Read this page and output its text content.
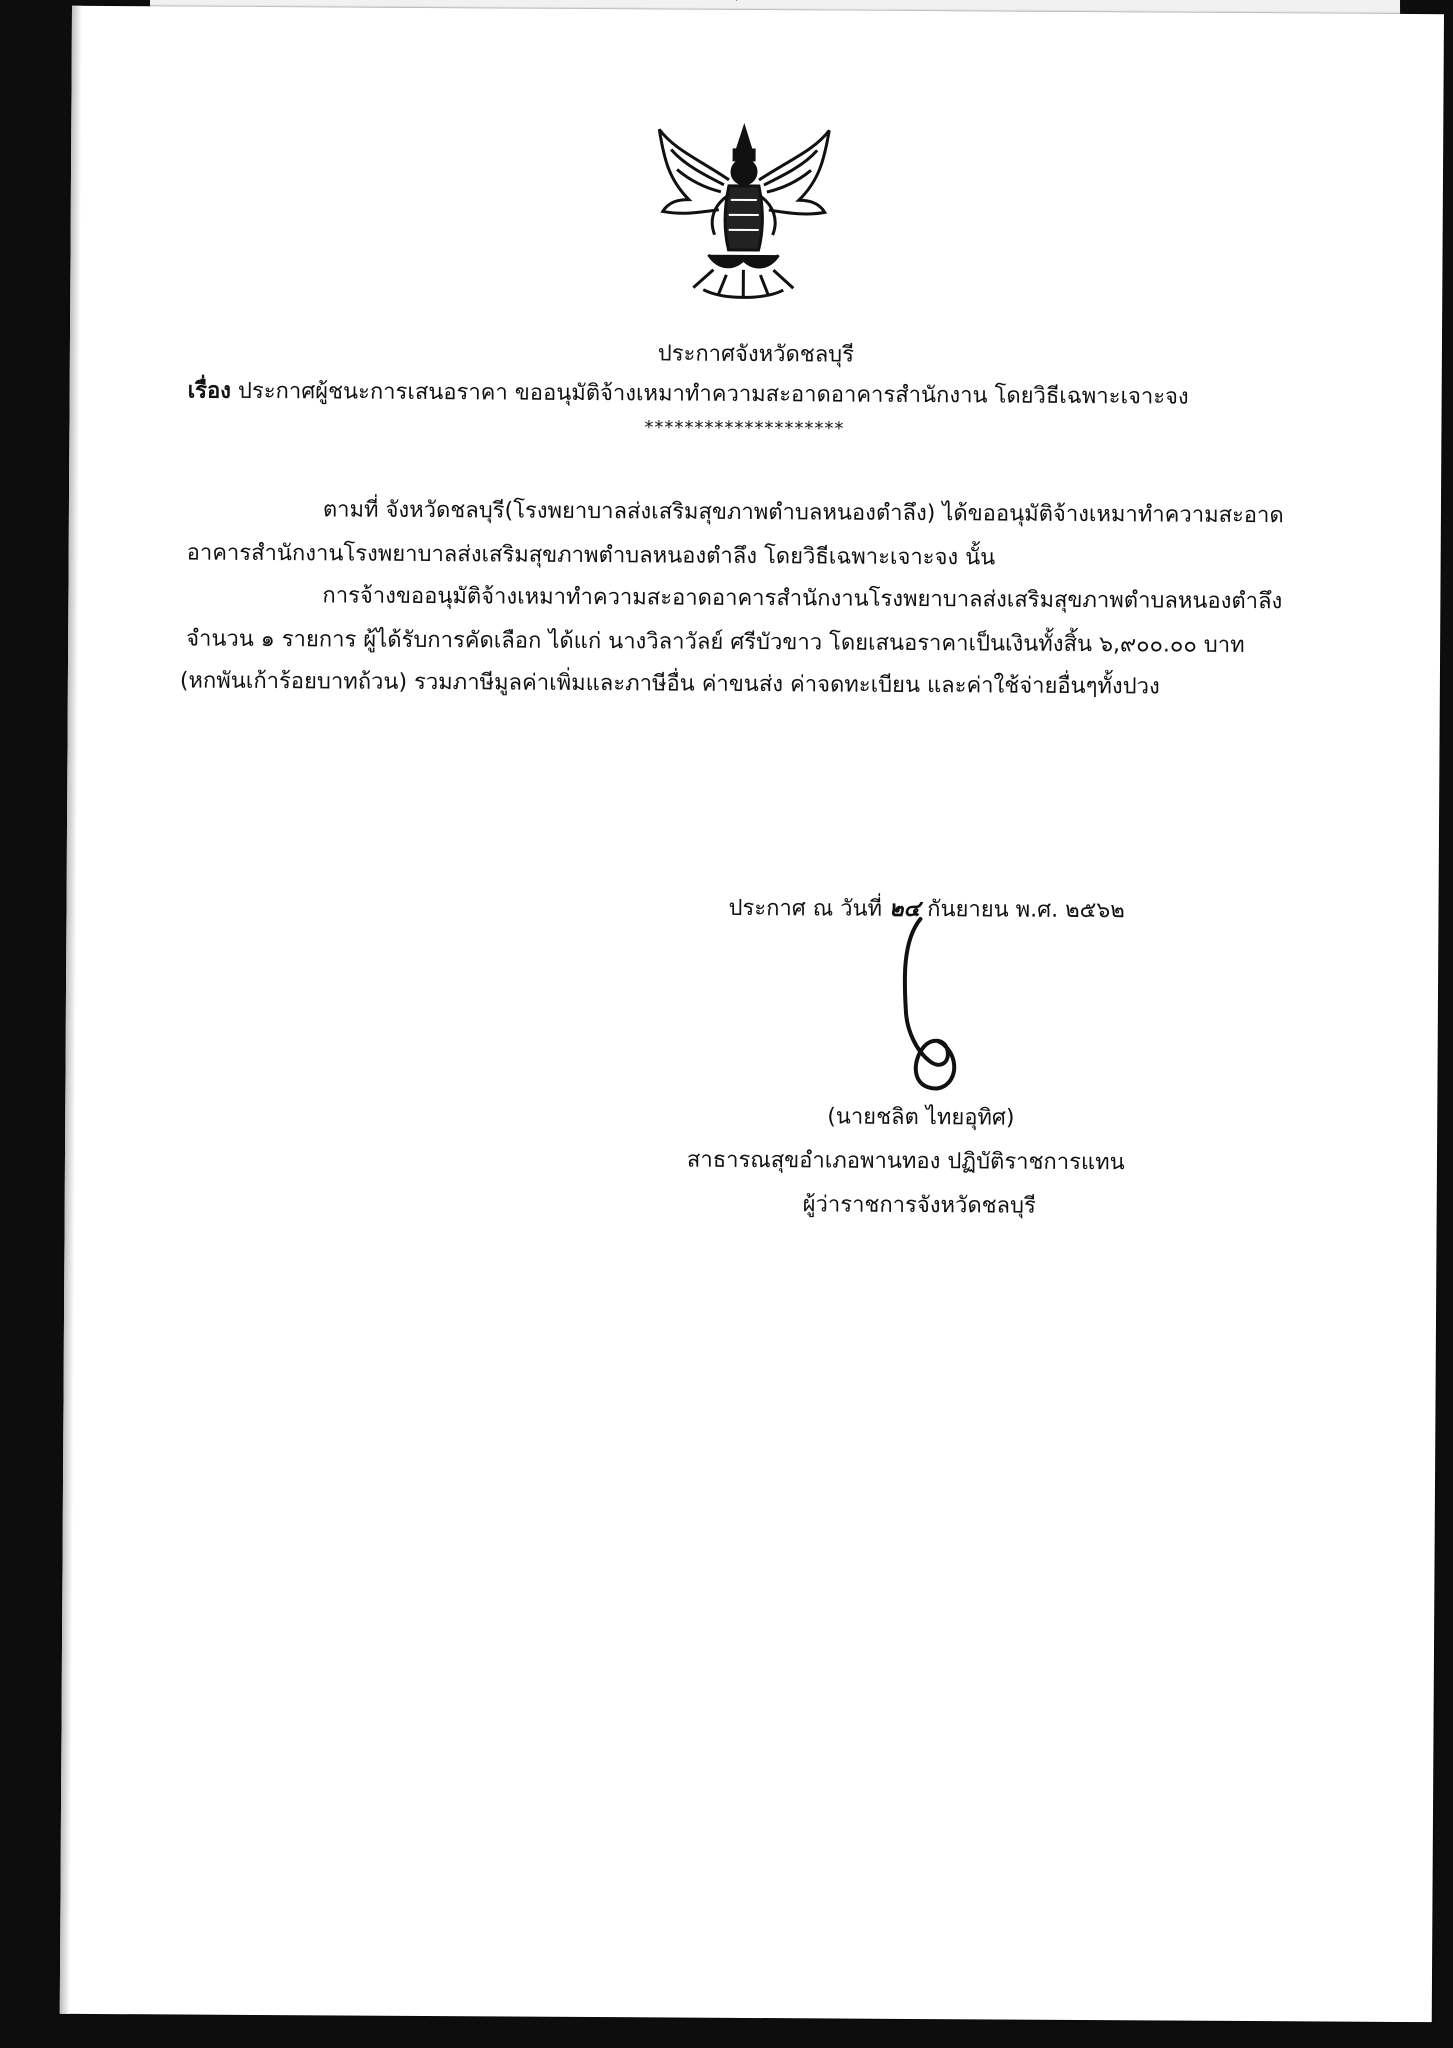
ประกาศจังหวัดชลบุรี
เรื่อง ประกาศผู้ชนะการเสนอราคา ขออนุมัติจ้างเหมาทำความสะอาดอาคารสำนักงาน โดยวิธีเฉพาะเจาะจง
********************
ตามที่ จังหวัดชลบุรี(โรงพยาบาลส่งเสริมสุขภาพตำบลหนองตำลึง) ได้ขออนุมัติจ้างเหมาทำความสะอาด
อาคารสำนักงานโรงพยาบาลส่งเสริมสุขภาพตำบลหนองตำลึง โดยวิธีเฉพาะเจาะจง นั้น
การจ้างขออนุมัติจ้างเหมาทำความสะอาดอาคารสำนักงานโรงพยาบาลส่งเสริมสุขภาพตำบลหนองตำลึง
จำนวน ๑ รายการ ผู้ได้รับการคัดเลือก ได้แก่ นางวิลาวัลย์ ศรีบัวขาว โดยเสนอราคาเป็นเงินทั้งสิ้น ๖,๙๐๐.๐๐ บาท
(หกพันเก้าร้อยบาทถ้วน) รวมภาษีมูลค่าเพิ่มและภาษีอื่น ค่าขนส่ง ค่าจดทะเบียน และค่าใช้จ่ายอื่นๆทั้งปวง
ประกาศ ณ วันที่ ๒๔ กันยายน พ.ศ. ๒๕๖๒
(นายชลิต ไทยอุทิศ)
สาธารณสุขอำเภอพานทอง ปฏิบัติราชการแทน
ผู้ว่าราชการจังหวัดชลบุรี
